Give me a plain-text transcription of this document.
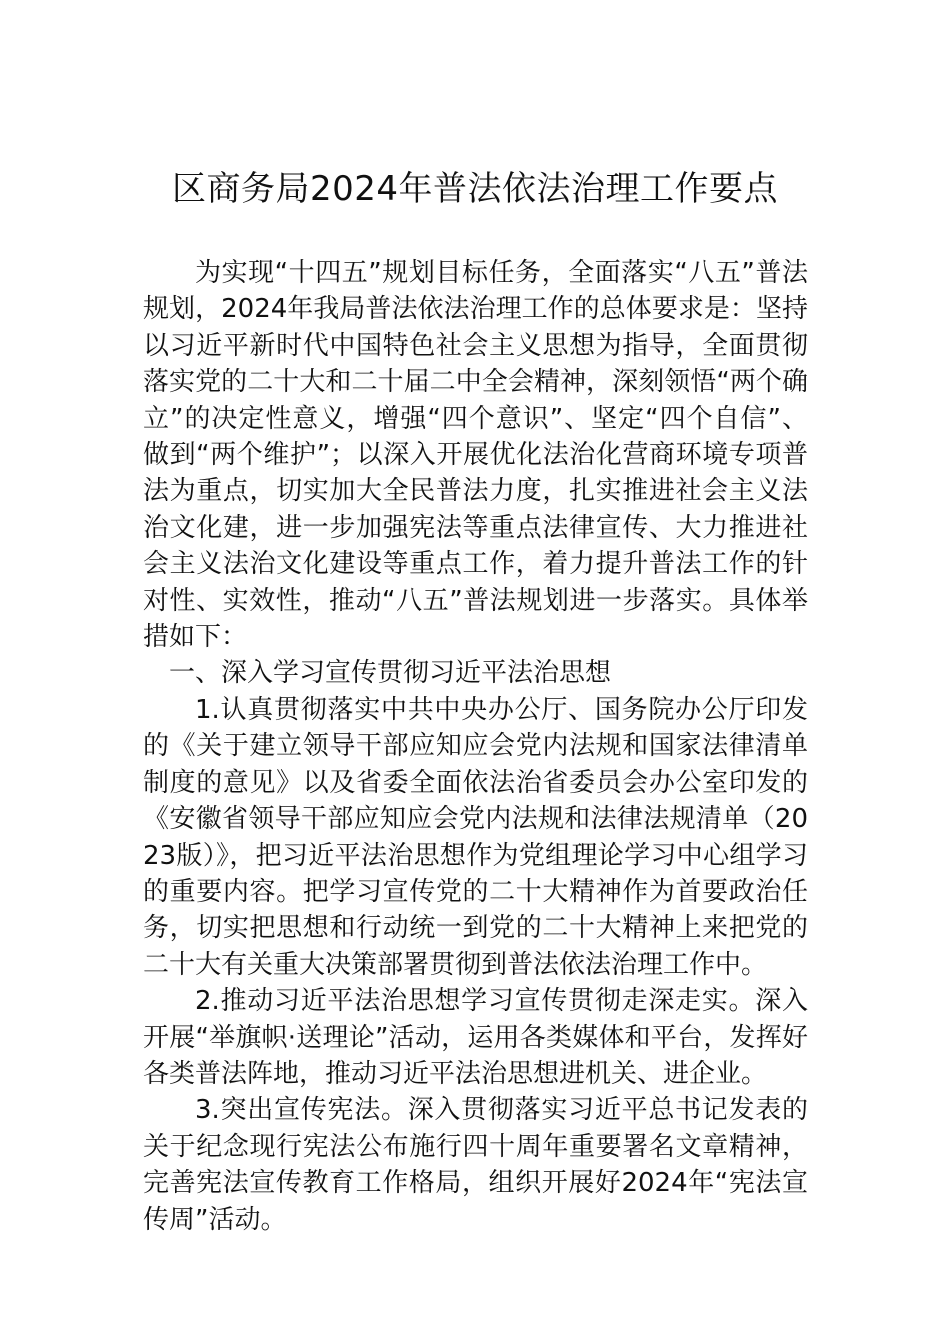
区商务局2024年普法依法治理工作要点

为实现“十四五”规划目标任务，全面落实“八五”普法规划，2024年我局普法依法治理工作的总体要求是：坚持以习近平新时代中国特色社会主义思想为指导，全面贯彻落实党的二十大和二十届二中全会精神，深刻领悟“两个确立”的决定性意义，增强“四个意识”、坚定“四个自信”、做到“两个维护”；以深入开展优化法治化营商环境专项普法为重点，切实加大全民普法力度，扎实推进社会主义法治文化建，进一步加强宪法等重点法律宣传、大力推进社会主义法治文化建设等重点工作，着力提升普法工作的针对性、实效性，推动“八五”普法规划进一步落实。具体举措如下：

一、深入学习宣传贯彻习近平法治思想

1.认真贯彻落实中共中央办公厅、国务院办公厅印发的《关于建立领导干部应知应会党内法规和国家法律清单制度的意见》以及省委全面依法治省委员会办公室印发的《安徽省领导干部应知应会党内法规和法律法规清单（2023版）》，把习近平法治思想作为党组理论学习中心组学习的重要内容。把学习宣传党的二十大精神作为首要政治任务，切实把思想和行动统一到党的二十大精神上来把党的二十大有关重大决策部署贯彻到普法依法治理工作中。

2.推动习近平法治思想学习宣传贯彻走深走实。深入开展“举旗帜·送理论”活动，运用各类媒体和平台，发挥好各类普法阵地，推动习近平法治思想进机关、进企业。

3.突出宣传宪法。深入贯彻落实习近平总书记发表的关于纪念现行宪法公布施行四十周年重要署名文章精神，完善宪法宣传教育工作格局，组织开展好2024年“宪法宣传周”活动。
